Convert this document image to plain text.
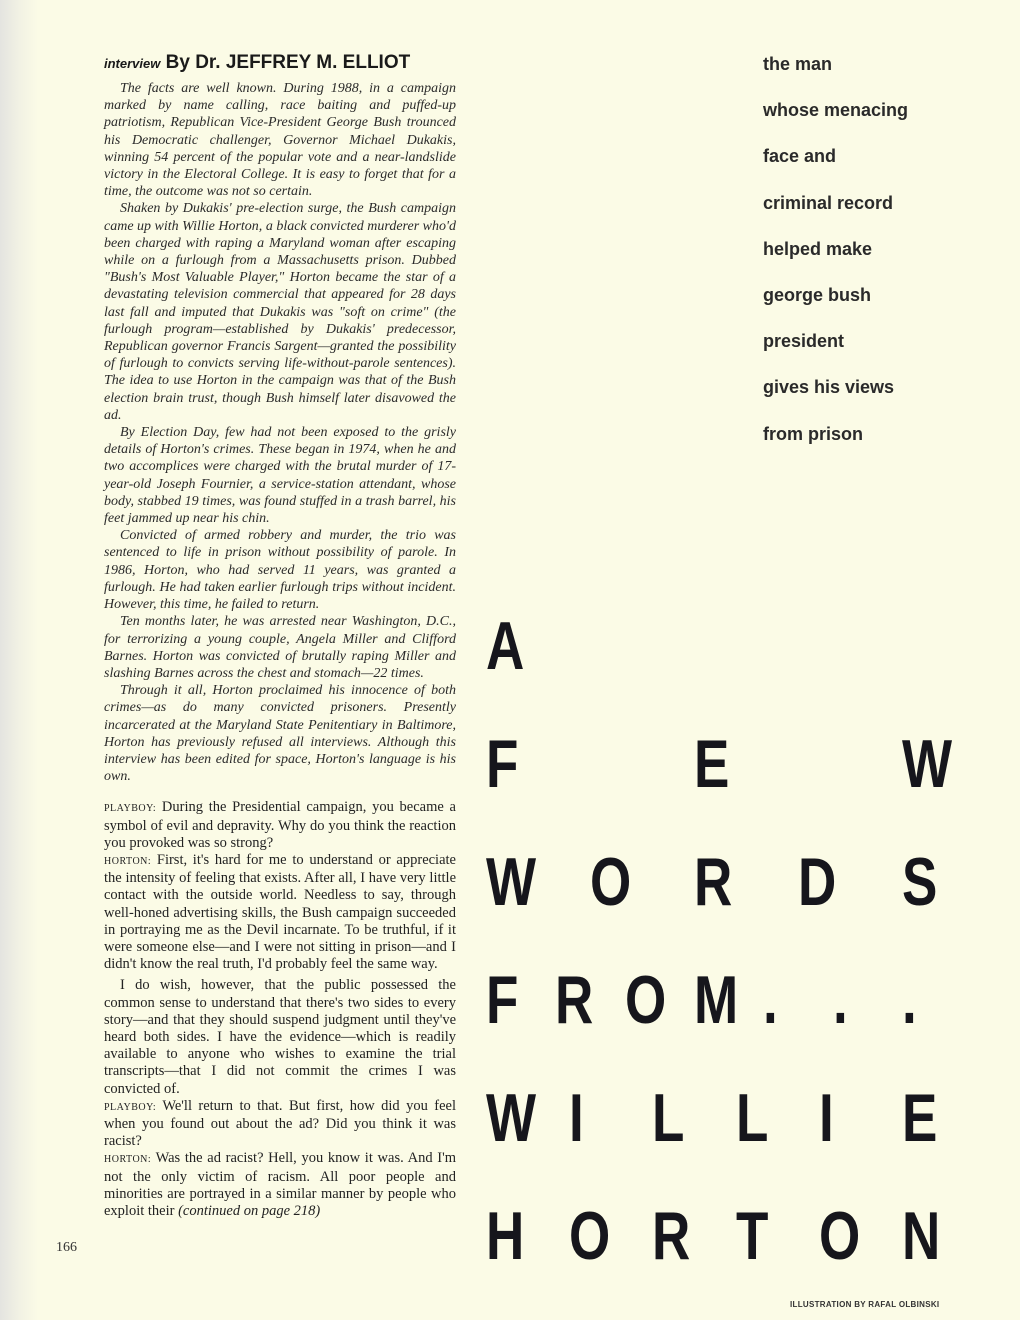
interview By Dr. JEFFREY M. ELLIOT

The facts are well known. During 1988, in a campaign marked by name calling, race baiting and puffed-up patriotism, Republican Vice-President George Bush trounced his Democratic challenger, Governor Michael Dukakis, winning 54 percent of the popular vote and a near-landslide victory in the Electoral College. It is easy to forget that for a time, the outcome was not so certain.

Shaken by Dukakis' pre-election surge, the Bush campaign came up with Willie Horton, a black convicted murderer who'd been charged with raping a Maryland woman after escaping while on a furlough from a Massachusetts prison. Dubbed "Bush's Most Valuable Player," Horton became the star of a devastating television commercial that appeared for 28 days last fall and imputed that Dukakis was "soft on crime" (the furlough program—established by Dukakis' predecessor, Republican governor Francis Sargent—granted the possibility of furlough to convicts serving life-without-parole sentences). The idea to use Horton in the campaign was that of the Bush election brain trust, though Bush himself later disavowed the ad.

By Election Day, few had not been exposed to the grisly details of Horton's crimes. These began in 1974, when he and two accomplices were charged with the brutal murder of 17-year-old Joseph Fournier, a service-station attendant, whose body, stabbed 19 times, was found stuffed in a trash barrel, his feet jammed up near his chin.

Convicted of armed robbery and murder, the trio was sentenced to life in prison without possibility of parole. In 1986, Horton, who had served 11 years, was granted a furlough. He had taken earlier furlough trips without incident. However, this time, he failed to return.

Ten months later, he was arrested near Washington, D.C., for terrorizing a young couple, Angela Miller and Clifford Barnes. Horton was convicted of brutally raping Miller and slashing Barnes across the chest and stomach—22 times.

Through it all, Horton proclaimed his innocence of both crimes—as do many convicted prisoners. Presently incarcerated at the Maryland State Penitentiary in Baltimore, Horton has previously refused all interviews. Although this interview has been edited for space, Horton's language is his own.

PLAYBOY: During the Presidential campaign, you became a symbol of evil and depravity. Why do you think the reaction you provoked was so strong?

HORTON: First, it's hard for me to understand or appreciate the intensity of feeling that exists. After all, I have very little contact with the outside world. Needless to say, through well-honed advertising skills, the Bush campaign succeeded in portraying me as the Devil incarnate. To be truthful, if it were someone else—and I were not sitting in prison—and I didn't know the real truth, I'd probably feel the same way.

I do wish, however, that the public possessed the common sense to understand that there's two sides to every story—and that they should suspend judgment until they've heard both sides. I have the evidence—which is readily available to anyone who wishes to examine the trial transcripts—that I did not commit the crimes I was convicted of.

PLAYBOY: We'll return to that. But first, how did you feel when you found out about the ad? Did you think it was racist?

HORTON: Was the ad racist? Hell, you know it was. And I'm not the only victim of racism. All poor people and minorities are portrayed in a similar manner by people who exploit their (continued on page 218)

166
the man
whose menacing
face and
criminal record
helped make
george bush
president
gives his views
from prison
A
F	E	W
W O R D S
F R O M . . .
W I L L I E
H O R T O N
ILLUSTRATION BY RAFAL OLBINSKI
